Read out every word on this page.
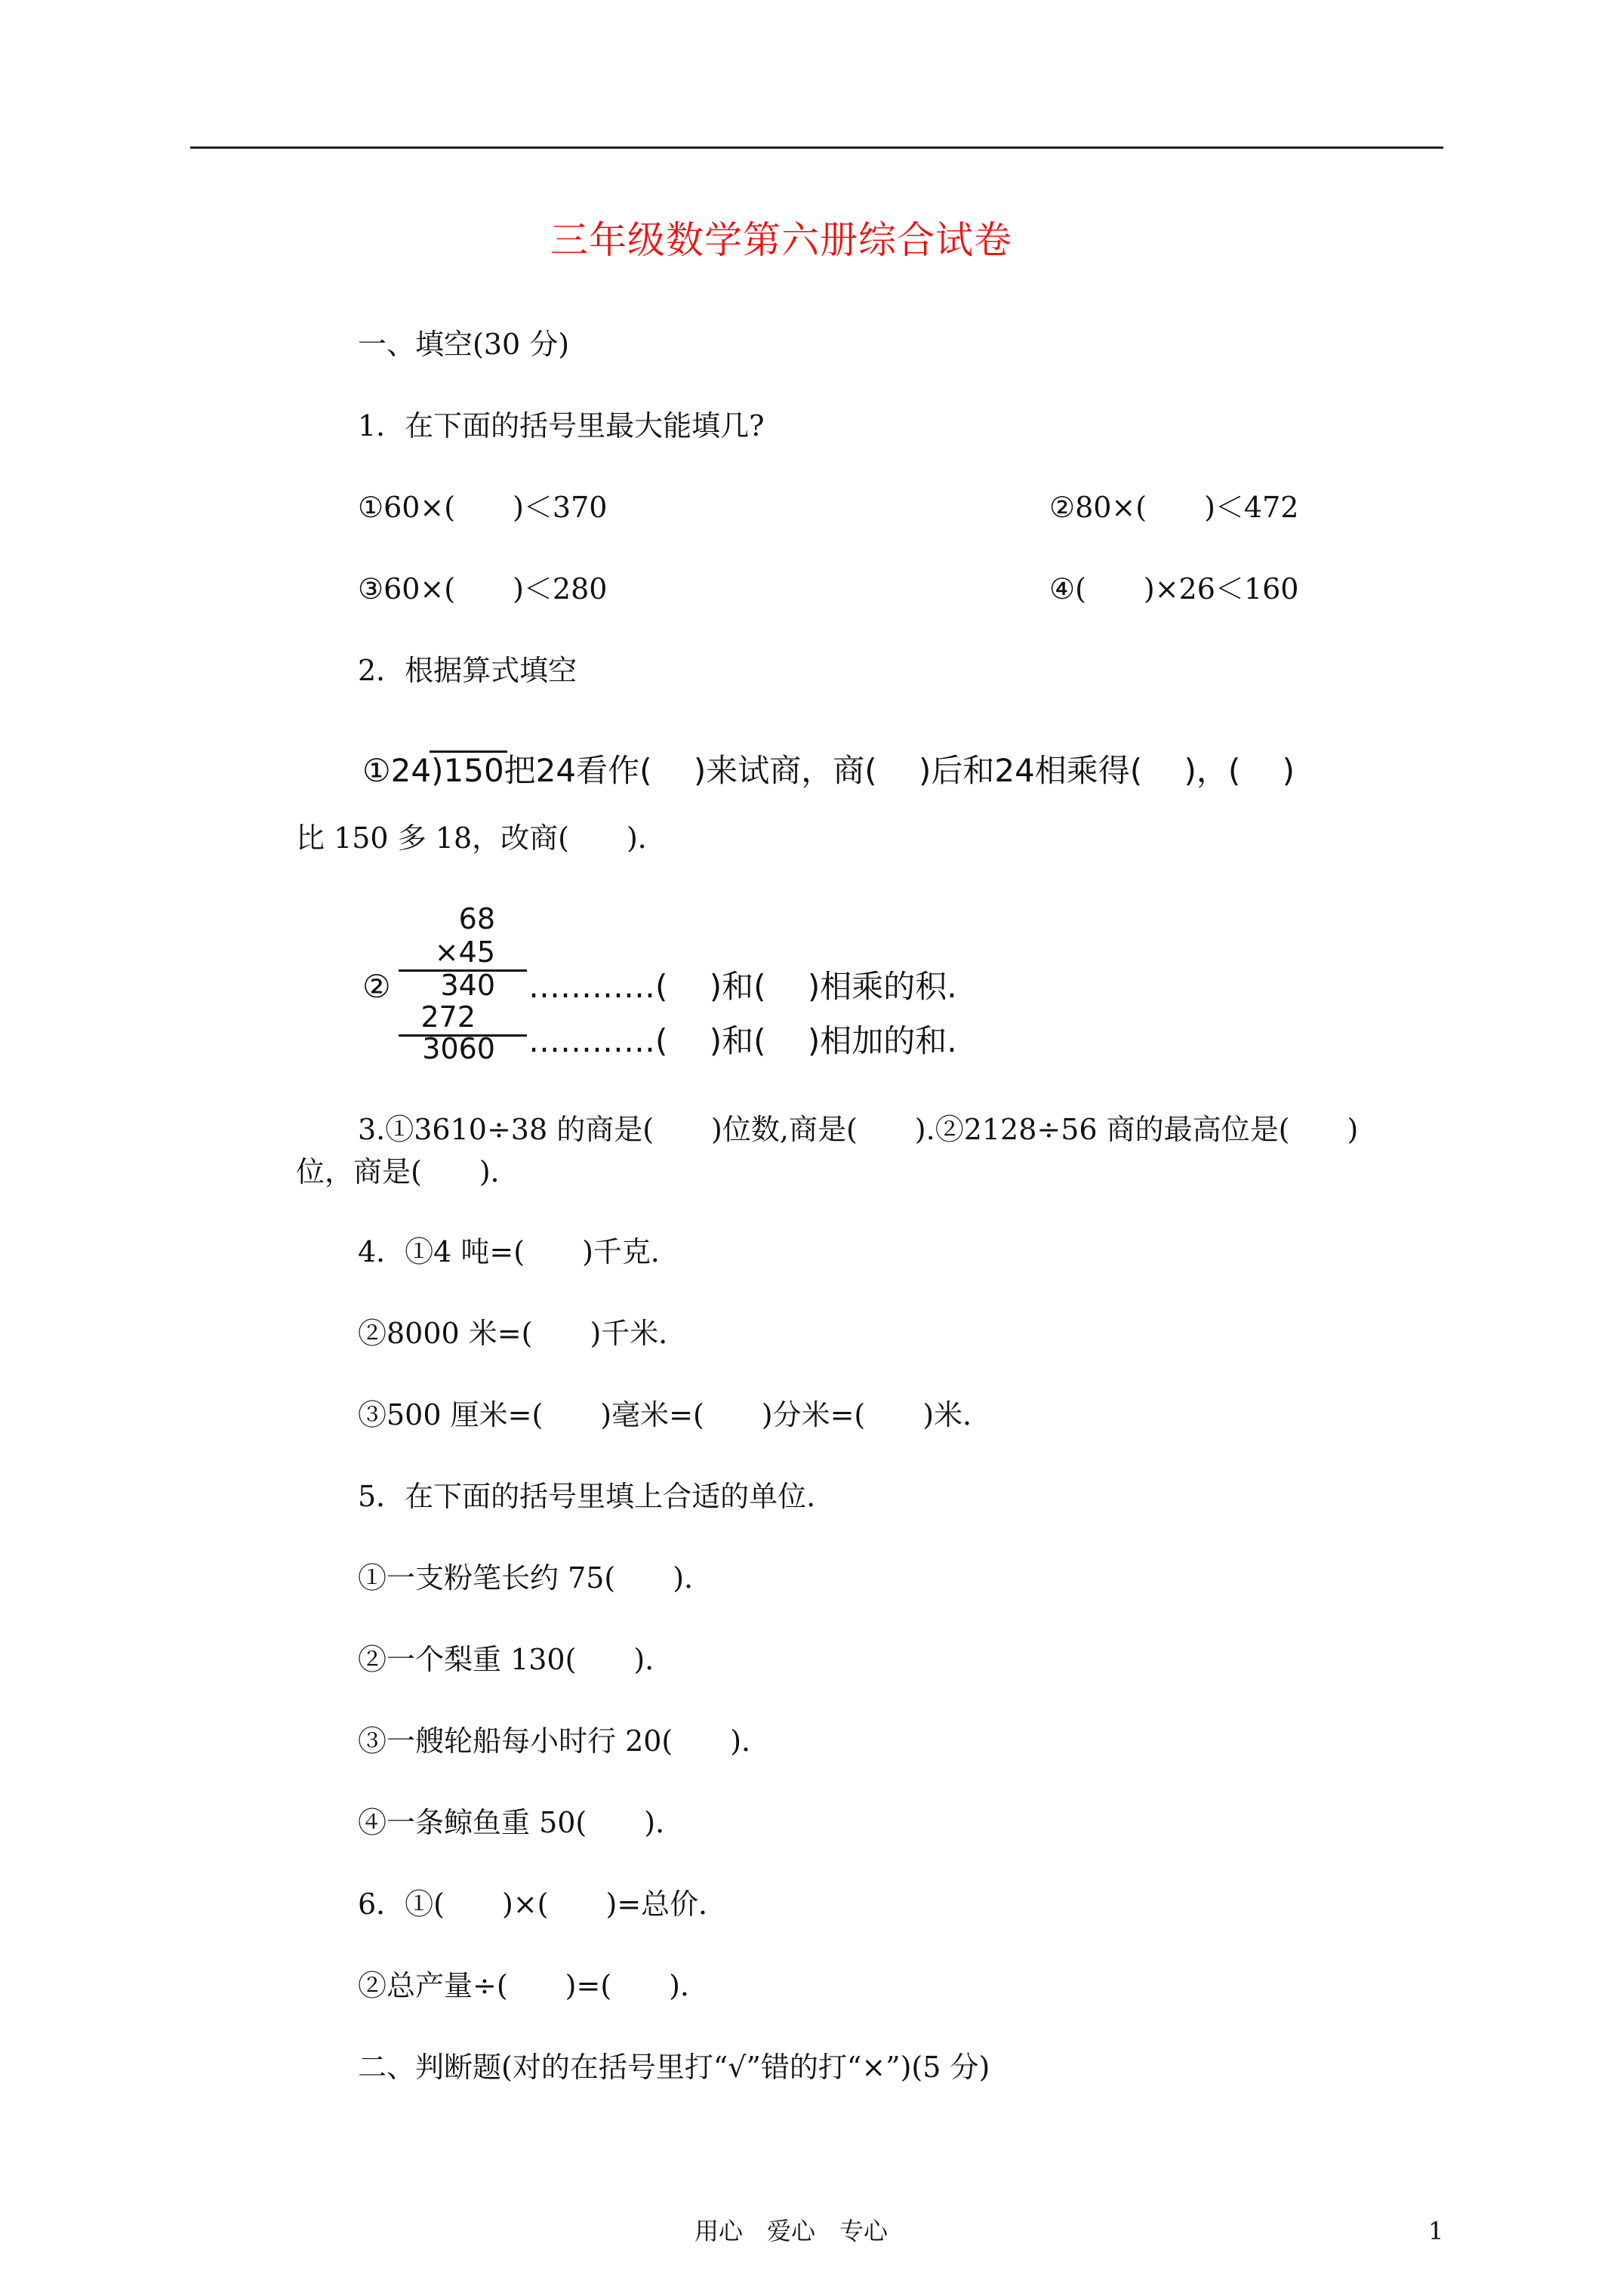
三年级数学第六册综合试卷
一、填空(30 分)
1．在下面的括号里最大能填几?
①60×(　　)＜370	②80×(　　)＜472
③60×(　　)＜280	④(　　)×26＜160
2．根据算式填空
①24
)150把24看作(　 )来试商，商(　 )后和24相乘得(　 )，(　 )
比 150 多 18，改商(　　)．
68
×45
340
272
3060
②	…………(　 )和(　 )相乘的积.
…………(　 )和(　 )相加的和.
3.①3610÷38 的商是(　　)位数,商是(　　).②2128÷56 商的最高位是(　　)
位，商是(　　)．
4．①4 吨=(　　)千克．
②8000 米=(　　)千米．
③500 厘米=(　　)毫米=(　　)分米=(　　)米．
5．在下面的括号里填上合适的单位.
①一支粉笔长约 75(　　)．
②一个梨重 130(　　)．
③一艘轮船每小时行 20(　　)．
④一条鲸鱼重 50(　　)．
6．①(　　)×(　　)=总价．
②总产量÷(　　)=(　　)．
二、判断题(对的在括号里打“√”错的打“×”)(5 分)
用心　爱心　专心	1
